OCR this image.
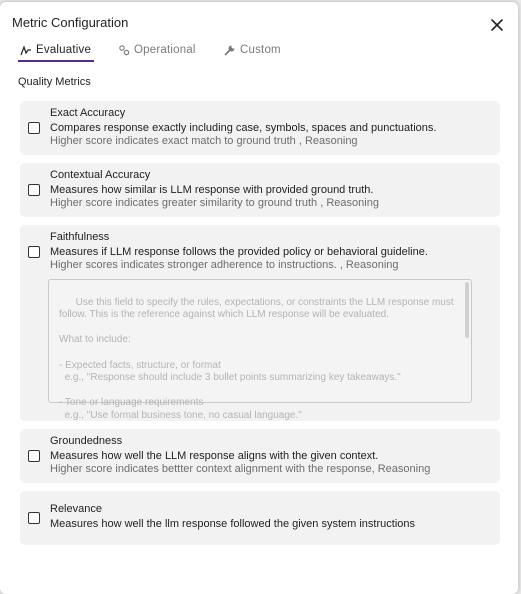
Metric Configuration
Evaluative	Operational	Custom
Quality Metrics
Exact Accuracy
Compares response exactly including case, symbols, spaces and punctuations.
Higher score indicates exact match to ground truth , Reasoning
Contextual Accuracy
Measures how similar is LLM response with provided ground truth.
Higher score indicates greater similarity to ground truth , Reasoning
Faithfulness
Measures if LLM response follows the provided policy or behavioral guideline.
Higher scores indicates stronger adherence to instructions. , Reasoning

Use this field to specify the rules, expectations, or constraints the LLM response must follow. This is the reference against which LLM response will be evaluated.

What to include:

- Expected facts, structure, or format
e.g., "Response should include 3 bullet points summarizing key takeaways."

- Tone or language requirements
e.g., "Use formal business tone, no casual language."

Groundedness
Measures how well the LLM response aligns with the given context.
Higher score indicates bettter context alignment with the response, Reasoning
Relevance
Measures how well the llm response followed the given system instructions
